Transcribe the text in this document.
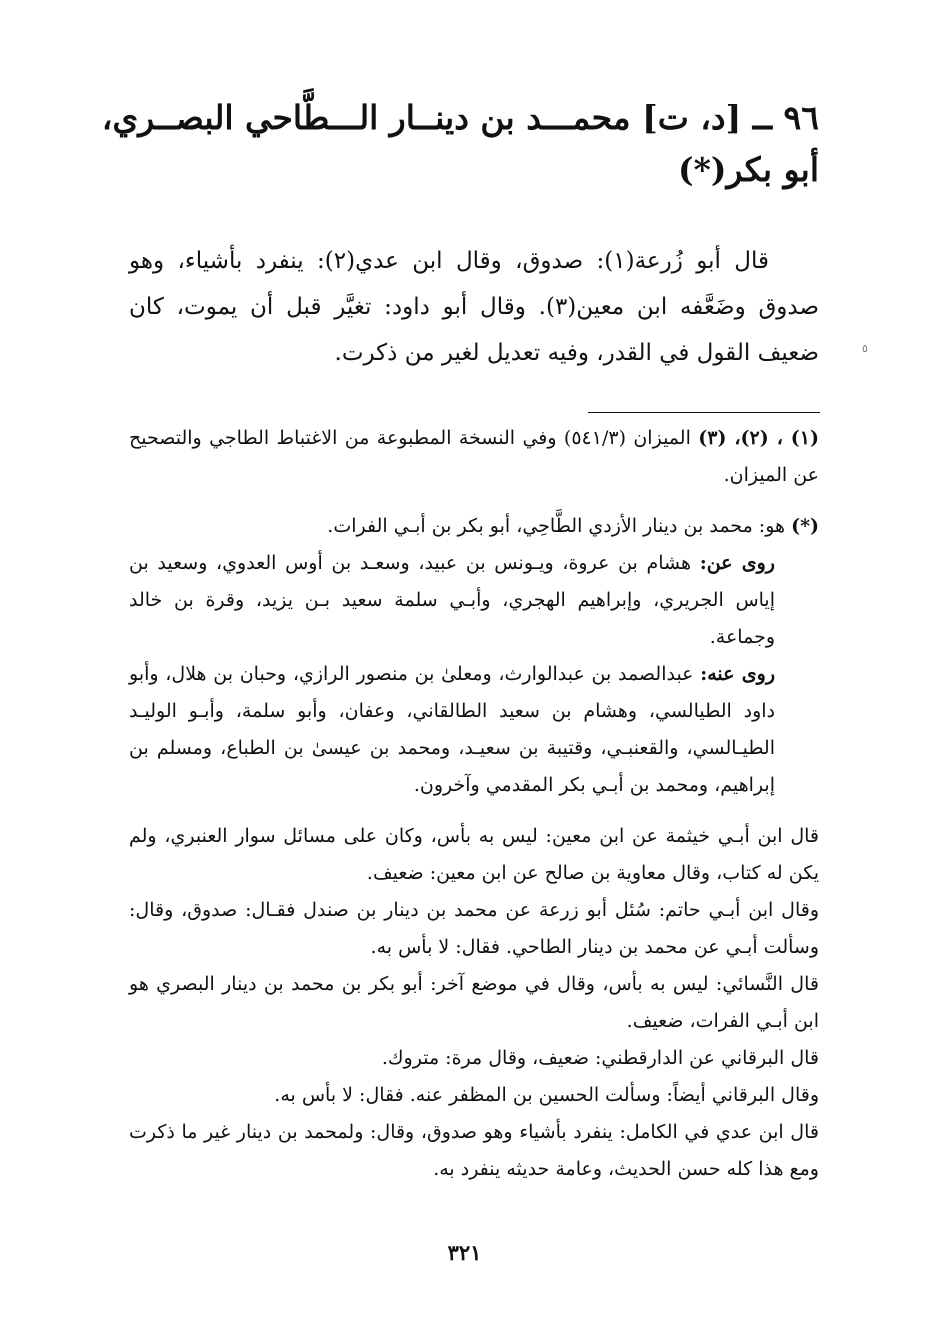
٩٦ ــ [د، ت] محمـــد بن دينــار الـــطَّاحي البصــري،
أبو بكر(*)

قال أبو زُرعة(١): صدوق، وقال ابن عدي(٢): ينفرد بأشياء، وهو صدوق وضَعَّفه ابن معين(٣). وقال أبو داود: تغيَّر قبل أن يموت، كان ضعيف القول في القدر، وفيه تعديل لغير من ذكرت.	٥

(١) ، (٢)، (٣) الميزان (٥٤١/٣) وفي النسخة المطبوعة من الاغتباط الطاجي والتصحيح عن الميزان.

(*) هو: محمد بن دينار الأزدي الطَّاحِي، أبو بكر بن أبـي الفرات.

روى عن: هشام بن عروة، ويـونس بن عبيد، وسعـد بن أوس العدوي، وسعيد بن إياس الجريري، وإبراهيم الهجري، وأبـي سلمة سعيد بـن يزيد، وقرة بن خالد وجماعة.

روى عنه: عبدالصمد بن عبدالوارث، ومعلىٰ بن منصور الرازي، وحبان بن هلال، وأبو داود الطيالسي، وهشام بن سعيد الطالقاني، وعفان، وأبو سلمة، وأبـو الوليـد الطيـالسي، والقعنبـي، وقتيبة بن سعيـد، ومحمد بن عيسىٰ بن الطباع، ومسلم بن إبراهيم، ومحمد بن أبـي بكر المقدمي وآخرون.

قال ابن أبـي خيثمة عن ابن معين: ليس به بأس، وكان على مسائل سوار العنبري، ولم يكن له كتاب، وقال معاوية بن صالح عن ابن معين: ضعيف.

وقال ابن أبـي حاتم: سُئل أبو زرعة عن محمد بن دينار بن صندل فقـال: صدوق، وقال: وسألت أبـي عن محمد بن دينار الطاحي. فقال: لا بأس به.

قال النَّسائي: ليس به بأس، وقال في موضع آخر: أبو بكر بن محمد بن دينار البصري هو ابن أبـي الفرات، ضعيف.

قال البرقاني عن الدارقطني: ضعيف، وقال مرة: متروك.

وقال البرقاني أيضاً: وسألت الحسين بن المظفر عنه. فقال: لا بأس به.

قال ابن عدي في الكامل: ينفرد بأشياء وهو صدوق، وقال: ولمحمد بن دينار غير ما ذكرت ومع هذا كله حسن الحديث، وعامة حديثه ينفرد به.

٣٢١
